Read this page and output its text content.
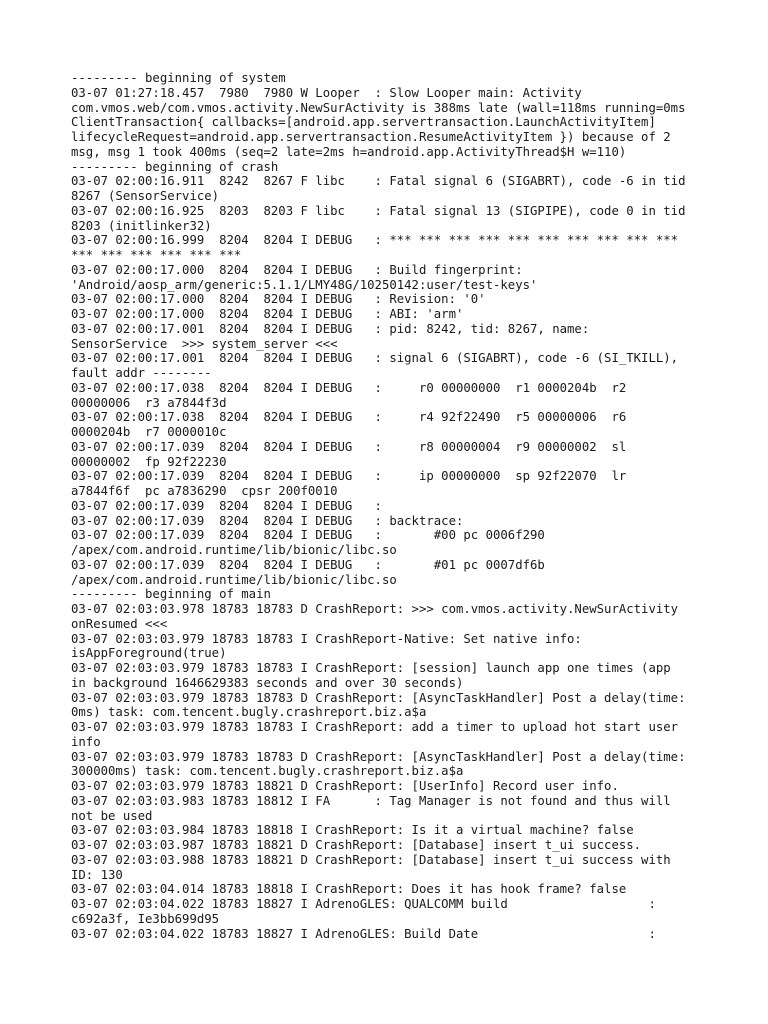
--------- beginning of system
03-07 01:27:18.457  7980  7980 W Looper  : Slow Looper main: Activity
com.vmos.web/com.vmos.activity.NewSurActivity is 388ms late (wall=118ms running=0ms
ClientTransaction{ callbacks=[android.app.servertransaction.LaunchActivityItem]
lifecycleRequest=android.app.servertransaction.ResumeActivityItem }) because of 2
msg, msg 1 took 400ms (seq=2 late=2ms h=android.app.ActivityThread$H w=110)
--------- beginning of crash
03-07 02:00:16.911  8242  8267 F libc    : Fatal signal 6 (SIGABRT), code -6 in tid
8267 (SensorService)
03-07 02:00:16.925  8203  8203 F libc    : Fatal signal 13 (SIGPIPE), code 0 in tid
8203 (initlinker32)
03-07 02:00:16.999  8204  8204 I DEBUG   : *** *** *** *** *** *** *** *** *** ***
*** *** *** *** *** ***
03-07 02:00:17.000  8204  8204 I DEBUG   : Build fingerprint:
'Android/aosp_arm/generic:5.1.1/LMY48G/10250142:user/test-keys'
03-07 02:00:17.000  8204  8204 I DEBUG   : Revision: '0'
03-07 02:00:17.000  8204  8204 I DEBUG   : ABI: 'arm'
03-07 02:00:17.001  8204  8204 I DEBUG   : pid: 8242, tid: 8267, name:
SensorService  >>> system_server <<<
03-07 02:00:17.001  8204  8204 I DEBUG   : signal 6 (SIGABRT), code -6 (SI_TKILL),
fault addr --------
03-07 02:00:17.038  8204  8204 I DEBUG   :     r0 00000000  r1 0000204b  r2
00000006  r3 a7844f3d
03-07 02:00:17.038  8204  8204 I DEBUG   :     r4 92f22490  r5 00000006  r6
0000204b  r7 0000010c
03-07 02:00:17.039  8204  8204 I DEBUG   :     r8 00000004  r9 00000002  sl
00000002  fp 92f22230
03-07 02:00:17.039  8204  8204 I DEBUG   :     ip 00000000  sp 92f22070  lr
a7844f6f  pc a7836290  cpsr 200f0010
03-07 02:00:17.039  8204  8204 I DEBUG   :
03-07 02:00:17.039  8204  8204 I DEBUG   : backtrace:
03-07 02:00:17.039  8204  8204 I DEBUG   :       #00 pc 0006f290
/apex/com.android.runtime/lib/bionic/libc.so
03-07 02:00:17.039  8204  8204 I DEBUG   :       #01 pc 0007df6b
/apex/com.android.runtime/lib/bionic/libc.so
--------- beginning of main
03-07 02:03:03.978 18783 18783 D CrashReport: >>> com.vmos.activity.NewSurActivity
onResumed <<<
03-07 02:03:03.979 18783 18783 I CrashReport-Native: Set native info:
isAppForeground(true)
03-07 02:03:03.979 18783 18783 I CrashReport: [session] launch app one times (app
in background 1646629383 seconds and over 30 seconds)
03-07 02:03:03.979 18783 18783 D CrashReport: [AsyncTaskHandler] Post a delay(time:
0ms) task: com.tencent.bugly.crashreport.biz.a$a
03-07 02:03:03.979 18783 18783 I CrashReport: add a timer to upload hot start user
info
03-07 02:03:03.979 18783 18783 D CrashReport: [AsyncTaskHandler] Post a delay(time:
300000ms) task: com.tencent.bugly.crashreport.biz.a$a
03-07 02:03:03.979 18783 18821 D CrashReport: [UserInfo] Record user info.
03-07 02:03:03.983 18783 18812 I FA      : Tag Manager is not found and thus will
not be used
03-07 02:03:03.984 18783 18818 I CrashReport: Is it a virtual machine? false
03-07 02:03:03.987 18783 18821 D CrashReport: [Database] insert t_ui success.
03-07 02:03:03.988 18783 18821 D CrashReport: [Database] insert t_ui success with
ID: 130
03-07 02:03:04.014 18783 18818 I CrashReport: Does it has hook frame? false
03-07 02:03:04.022 18783 18827 I AdrenoGLES: QUALCOMM build                   :
c692a3f, Ie3bb699d95
03-07 02:03:04.022 18783 18827 I AdrenoGLES: Build Date                       :
